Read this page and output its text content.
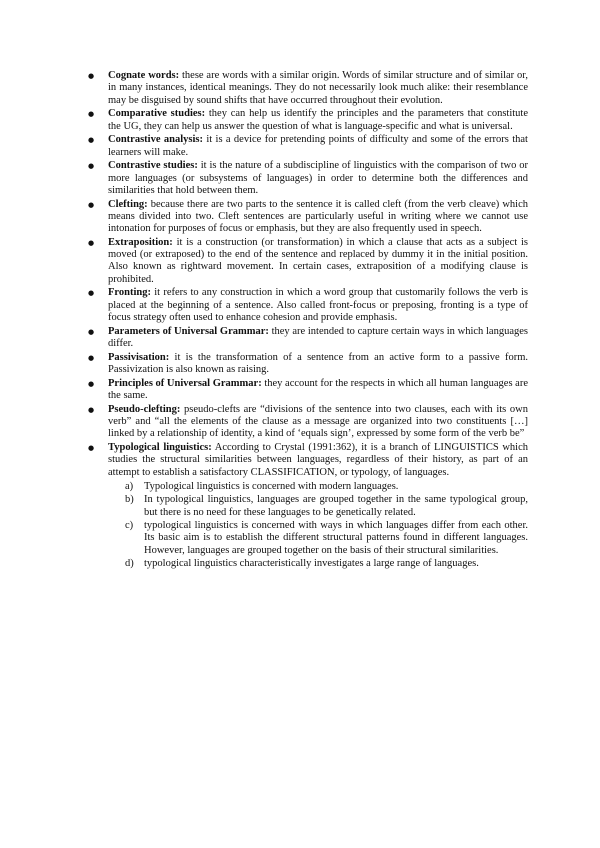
● Cognate words: these are words with a similar origin. Words of similar structure and of similar or, in many instances, identical meanings. They do not necessarily look much alike: their resemblance may be disguised by sound shifts that have occurred throughout their evolution.
● Comparative studies: they can help us identify the principles and the parameters that constitute the UG, they can help us answer the question of what is language-specific and what is universal.
● Contrastive analysis: it is a device for pretending points of difficulty and some of the errors that learners will make.
● Contrastive studies: it is the nature of a subdiscipline of linguistics with the comparison of two or more languages (or subsystems of languages) in order to determine both the differences and similarities that hold between them.
● Clefting: because there are two parts to the sentence it is called cleft (from the verb cleave) which means divided into two. Cleft sentences are particularly useful in writing where we cannot use intonation for purposes of focus or emphasis, but they are also frequently used in speech.
● Extraposition: it is a construction (or transformation) in which a clause that acts as a subject is moved (or extraposed) to the end of the sentence and replaced by dummy it in the initial position. Also known as rightward movement. In certain cases, extraposition of a modifying clause is prohibited.
● Fronting: it refers to any construction in which a word group that customarily follows the verb is placed at the beginning of a sentence. Also called front-focus or preposing, fronting is a type of focus strategy often used to enhance cohesion and provide emphasis.
● Parameters of Universal Grammar: they are intended to capture certain ways in which languages differ.
● Passivisation: it is the transformation of a sentence from an active form to a passive form. Passivization is also known as raising.
● Principles of Universal Grammar: they account for the respects in which all human languages are the same.
● Pseudo-clefting: pseudo-clefts are “divisions of the sentence into two clauses, each with its own verb” and “all the elements of the clause as a message are organized into two constituents […] linked by a relationship of identity, a kind of ‘equals sign’, expressed by some form of the verb be”
● Typological linguistics: According to Crystal (1991:362), it is a branch of LINGUISTICS which studies the structural similarities between languages, regardless of their history, as part of an attempt to establish a satisfactory CLASSIFICATION, or typology, of languages.
a) Typological linguistics is concerned with modern languages.
b) In typological linguistics, languages are grouped together in the same typological group, but there is no need for these languages to be genetically related.
c) typological linguistics is concerned with ways in which languages differ from each other. Its basic aim is to establish the different structural patterns found in different languages. However, languages are grouped together on the basis of their structural similarities.
d) typological linguistics characteristically investigates a large range of languages.
